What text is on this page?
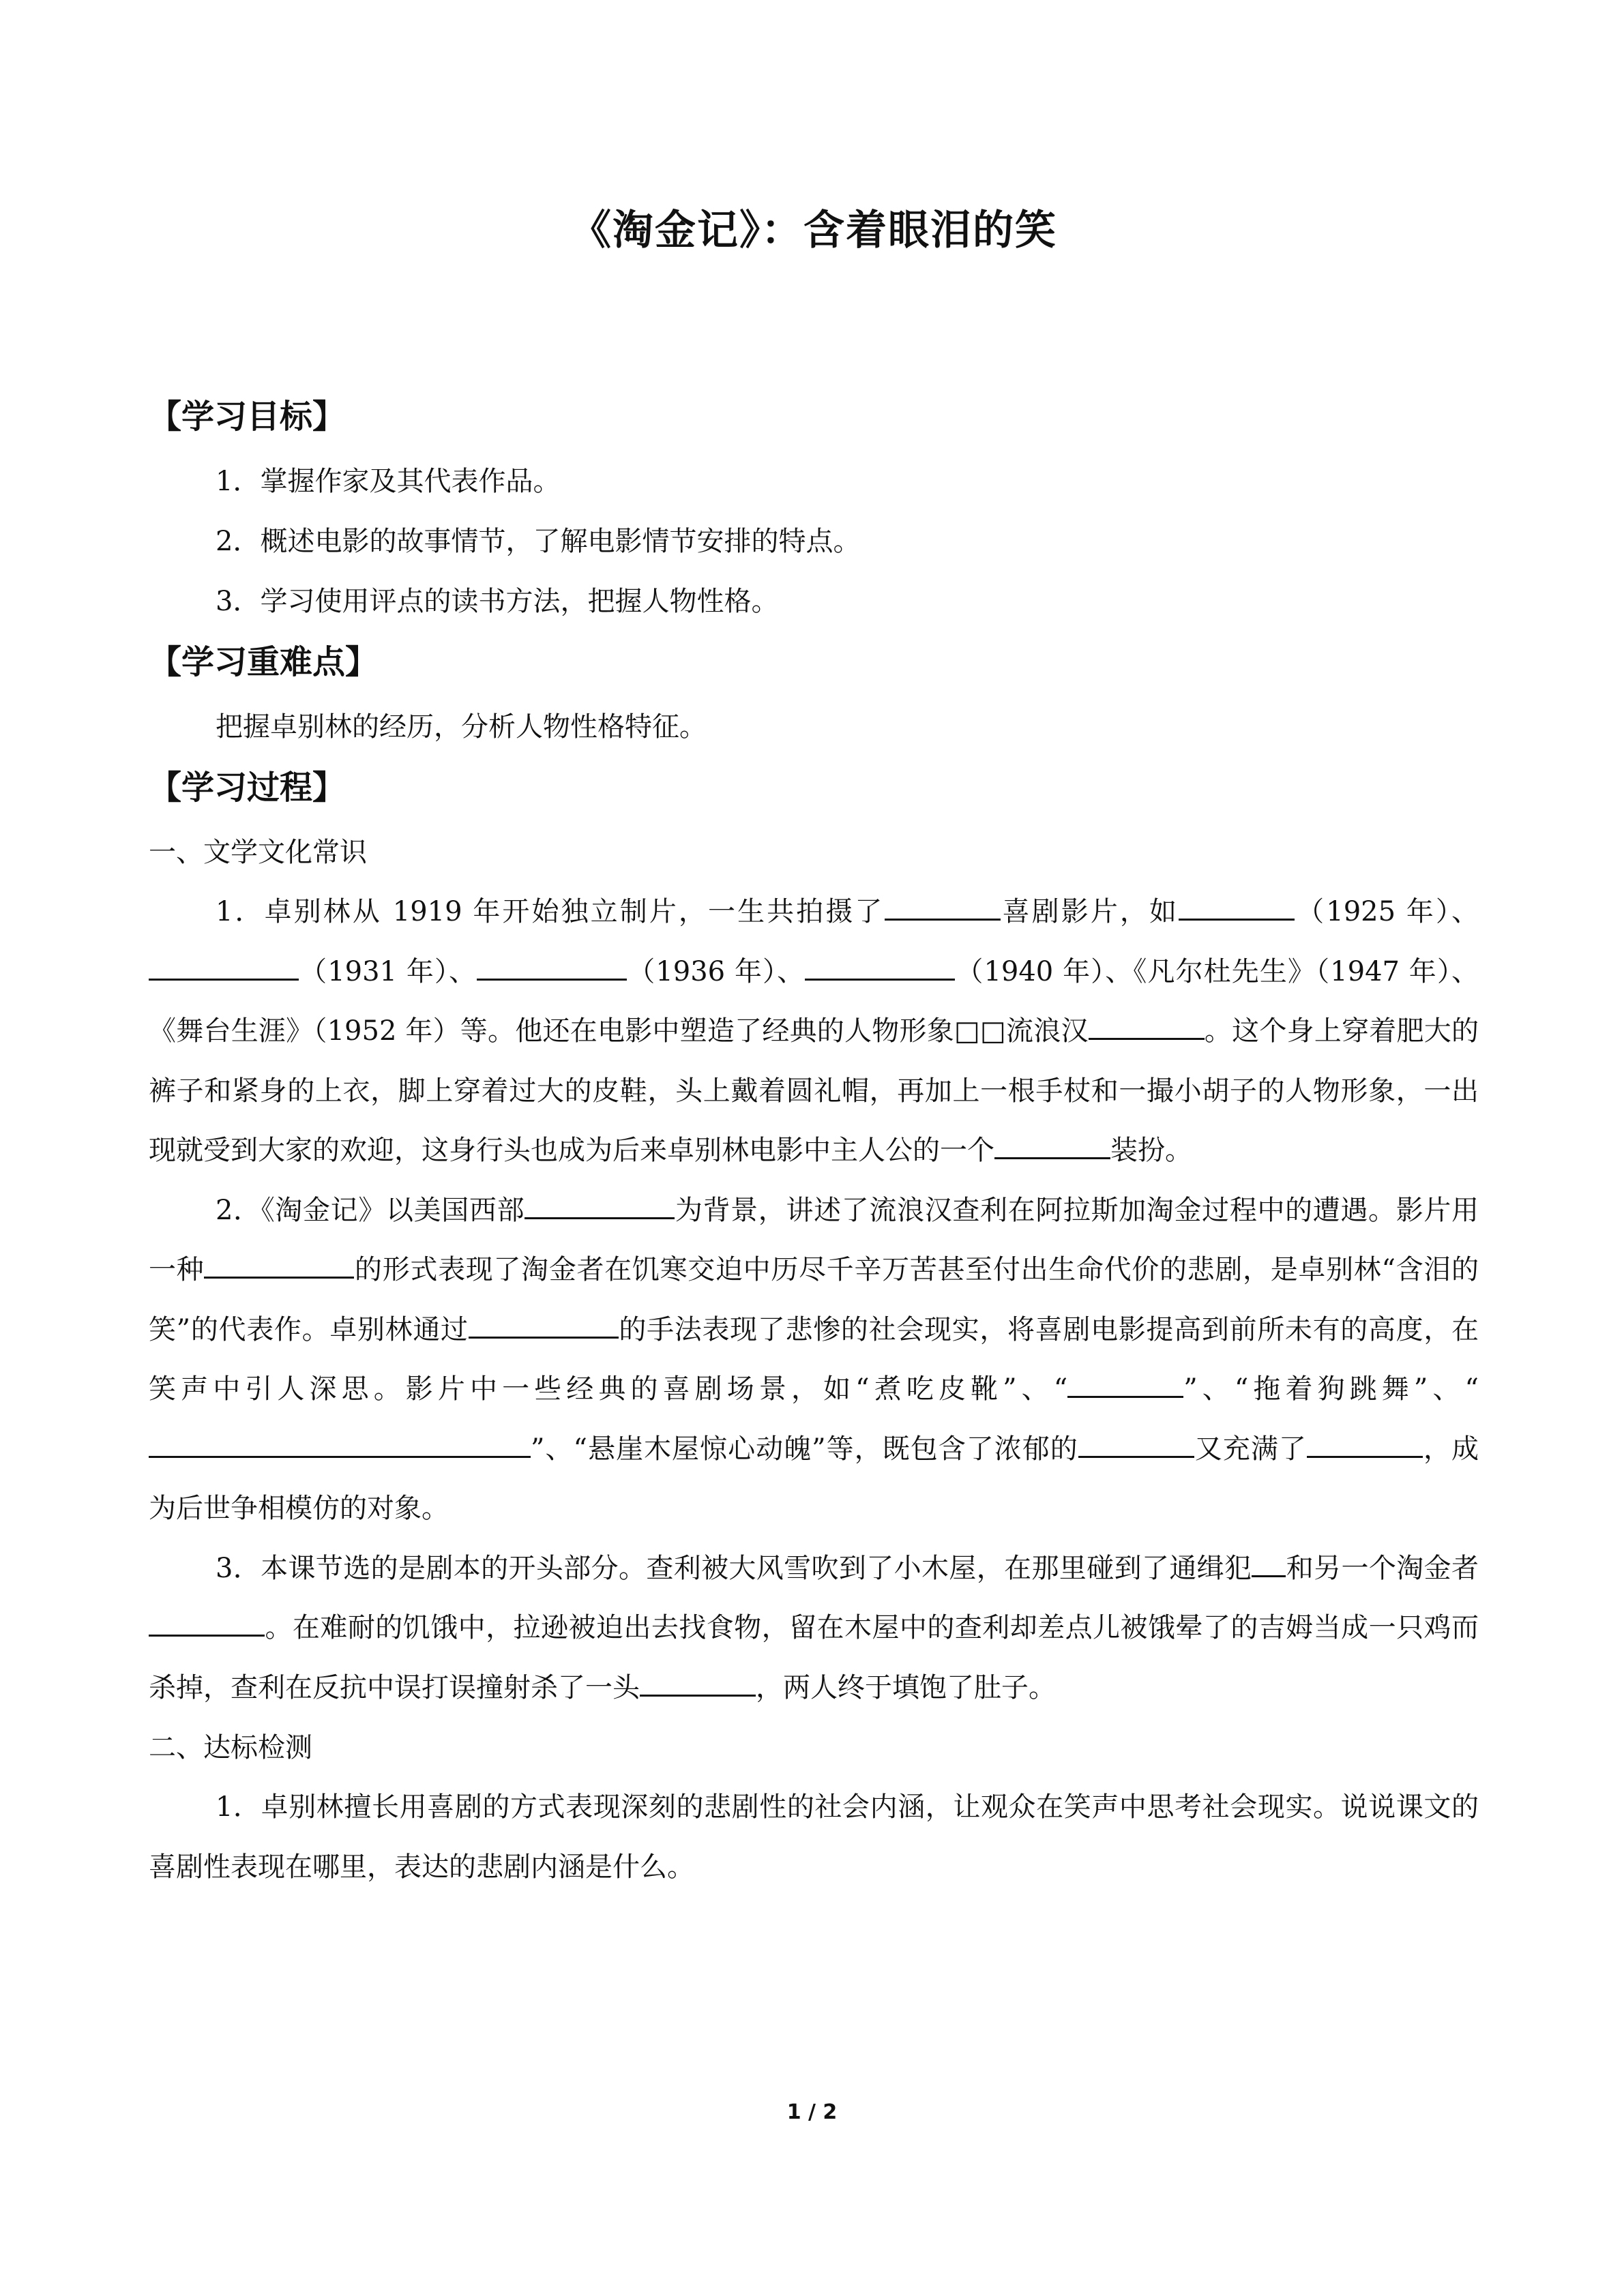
《淘金记》：含着眼泪的笑
【学习目标】

1．掌握作家及其代表作品。

2．概述电影的故事情节，了解电影情节安排的特点。

3．学习使用评点的读书方法，把握人物性格。

【学习重难点】

把握卓别林的经历，分析人物性格特征。

【学习过程】

一、文学文化常识

1．卓别林从 1919 年开始独立制片，一生共拍摄了	喜剧影片，如	（1925 年）、（1931 年）、	（1936 年）、	（1940 年）、《凡尔杜先生》（1947 年）、《舞台生涯》（1952 年）等。他还在电影中塑造了经典的人物形象□□流浪汉	。这个身上穿着肥大的裤子和紧身的上衣，脚上穿着过大的皮鞋，头上戴着圆礼帽，再加上一根手杖和一撮小胡子的人物形象，一出现就受到大家的欢迎，这身行头也成为后来卓别林电影中主人公的一个	装扮。

2．《淘金记》以美国西部	为背景，讲述了流浪汉查利在阿拉斯加淘金过程中的遭遇。影片用一种	的形式表现了淘金者在饥寒交迫中历尽千辛万苦甚至付出生命代价的悲剧，是卓别林“含泪的笑”的代表作。卓别林通过	的手法表现了悲惨的社会现实，将喜剧电影提高到前所未有的高度，在笑声中引人深思。影片中一些经典的喜剧场景，如“煮吃皮靴”、“	”、“拖着狗跳舞”、“”、“悬崖木屋惊心动魄”等，既包含了浓郁的	又充满了	，成为后世争相模仿的对象。

3．本课节选的是剧本的开头部分。查利被大风雪吹到了小木屋，在那里碰到了通缉犯 和另一个淘金者。在难耐的饥饿中，拉逊被迫出去找食物，留在木屋中的查利却差点儿被饿晕了的吉姆当成一只鸡而杀掉，查利在反抗中误打误撞射杀了一头	，两人终于填饱了肚子。

二、达标检测

1．卓别林擅长用喜剧的方式表现深刻的悲剧性的社会内涵，让观众在笑声中思考社会现实。说说课文的喜剧性表现在哪里，表达的悲剧内涵是什么。

1 / 2
